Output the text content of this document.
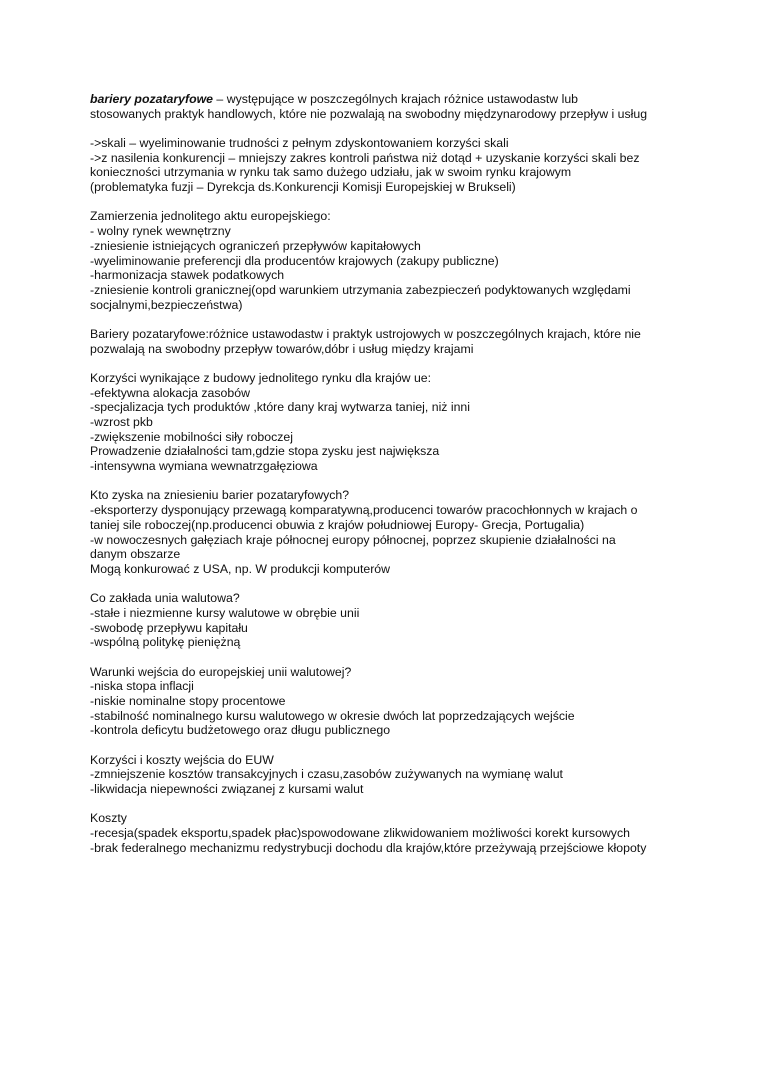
bariery pozataryfowe – występujące w poszczególnych krajach różnice ustawodastw lub
stosowanych praktyk handlowych, które nie pozwalają na swobodny międzynarodowy przepływ i usług
->skali – wyeliminowanie trudności z pełnym zdyskontowaniem korzyści skali
->z nasilenia konkurencji – mniejszy zakres kontroli państwa niż dotąd + uzyskanie korzyści skali bez
konieczności utrzymania w rynku tak samo dużego udziału, jak w swoim rynku krajowym
(problematyka fuzji – Dyrekcja ds.Konkurencji Komisji Europejskiej w Brukseli)
Zamierzenia jednolitego aktu europejskiego:
- wolny rynek wewnętrzny
-zniesienie istniejących ograniczeń przepływów kapitałowych
-wyeliminowanie preferencji dla producentów krajowych (zakupy publiczne)
-harmonizacja stawek podatkowych
-zniesienie kontroli granicznej(opd warunkiem utrzymania zabezpieczeń podyktowanych względami
socjalnymi,bezpieczeństwa)
Bariery pozataryfowe:różnice ustawodastw i praktyk ustrojowych w poszczególnych krajach, które nie
pozwalają na swobodny przepływ towarów,dóbr i usług między krajami
Korzyści wynikające z budowy jednolitego rynku dla krajów ue:
-efektywna alokacja zasobów
-specjalizacja tych produktów ,które dany kraj wytwarza taniej, niż inni
-wzrost pkb
-zwiększenie mobilności siły roboczej
Prowadzenie działalności tam,gdzie stopa zysku jest największa
-intensywna wymiana wewnatrzgałęziowa
Kto zyska na zniesieniu barier pozataryfowych?
-eksporterzy dysponujący przewagą komparatywną,producenci towarów pracochłonnych w krajach o
taniej sile roboczej(np.producenci obuwia z krajów południowej Europy- Grecja, Portugalia)
-w nowoczesnych gałęziach kraje północnej europy północnej, poprzez skupienie działalności na
danym obszarze
Mogą konkurować z USA, np. W produkcji komputerów
Co zakłada unia walutowa?
-stałe i niezmienne kursy walutowe w obrębie unii
-swobodę przepływu kapitału
-wspólną politykę pieniężną
Warunki wejścia do europejskiej unii walutowej?
-niska stopa inflacji
-niskie nominalne stopy procentowe
-stabilność nominalnego kursu walutowego w okresie dwóch lat poprzedzających wejście
-kontrola deficytu budżetowego oraz długu publicznego
Korzyści i koszty wejścia do EUW
-zmniejszenie kosztów transakcyjnych i czasu,zasobów zużywanych na wymianę walut
-likwidacja niepewności związanej z kursami walut
Koszty
-recesja(spadek eksportu,spadek płac)spowodowane zlikwidowaniem możliwości korekt kursowych
-brak federalnego mechanizmu redystrybucji dochodu dla krajów,które przeżywają przejściowe kłopoty
